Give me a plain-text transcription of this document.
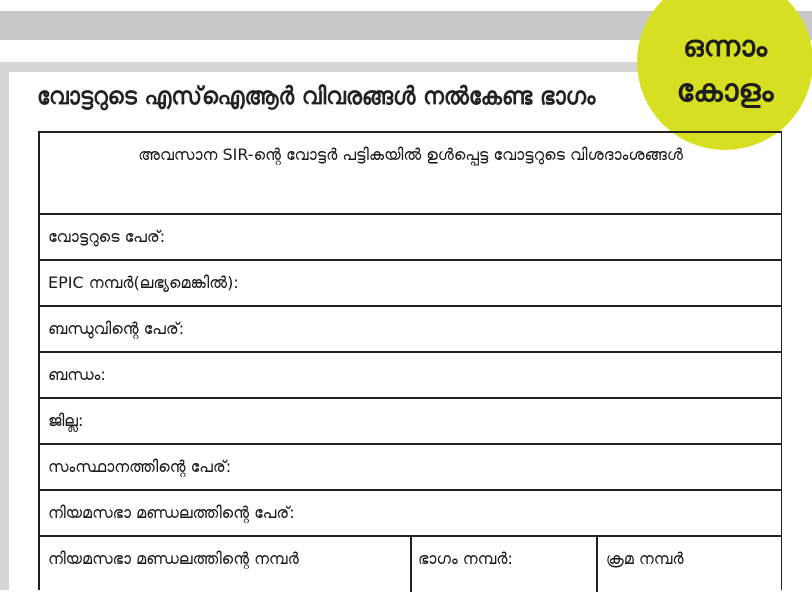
വോട്ടറുടെ എസ്ഐആർ വിവരങ്ങൾ നൽകേണ്ട ഭാഗം
ഒന്നാം
കോളം
അവസാന SIR-ന്റെ വോട്ടർ പട്ടികയിൽ ഉൾപ്പെട്ട വോട്ടറുടെ വിശദാംശങ്ങൾ
വോട്ടറുടെ പേര്:
EPIC നമ്പർ(ലഭ്യമെങ്കിൽ):
ബന്ധുവിന്റെ പേര്:
ബന്ധം:
ജില്ല:
സംസ്ഥാനത്തിന്റെ പേര്:
നിയമസഭാ മണ്ഡലത്തിന്റെ പേര്:
നിയമസഭാ മണ്ഡലത്തിന്റെ നമ്പർ	ഭാഗം നമ്പർ:	ക്രമ നമ്പർ
